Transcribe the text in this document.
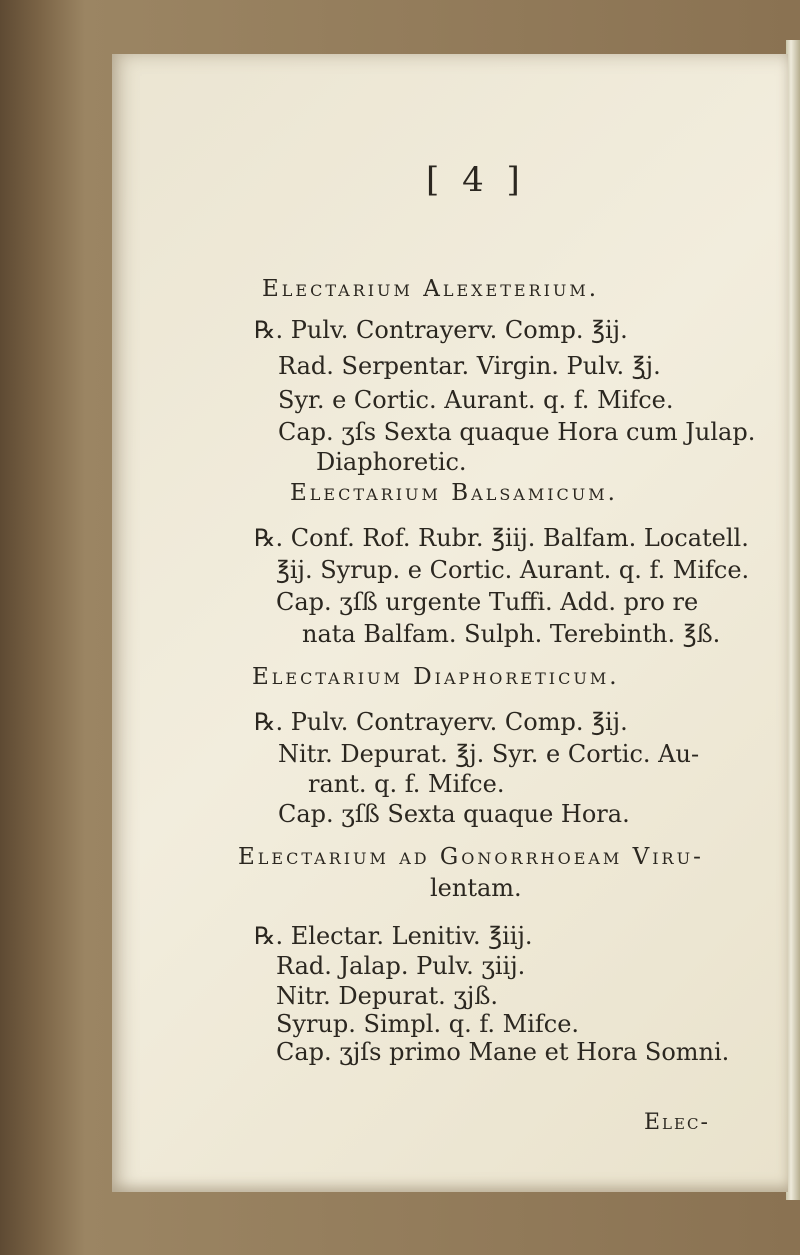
[ 4 ]
Electarium Alexeterium.
℞. Pulv. Contrayerv. Comp. ℥ij.
Rad. Serpentar. Virgin. Pulv. ℥j.
Syr. e Cortic. Aurant. q. f. Mifce.
Cap. ʒſs Sexta quaque Hora cum Julap.
Diaphoretic.
Electarium Balsamicum.
℞. Conf. Rof. Rubr. ℥iij. Balfam. Locatell.
℥ij. Syrup. e Cortic. Aurant. q. f. Mifce.
Cap. ʒſß urgente Tuffi. Add. pro re
nata Balfam. Sulph. Terebinth. ℥ß.
Electarium Diaphoreticum.
℞. Pulv. Contrayerv. Comp. ℥ij.
Nitr. Depurat. ℥j. Syr. e Cortic. Au-
rant. q. f. Mifce.
Cap. ʒſß Sexta quaque Hora.
Electarium ad Gonorrhoeam Viru-
lentam.
℞. Electar. Lenitiv. ℥iij.
Rad. Jalap. Pulv. ʒiij.
Nitr. Depurat. ʒjß.
Syrup. Simpl. q. f. Mifce.
Cap. ʒjſs primo Mane et Hora Somni.
Elec-
